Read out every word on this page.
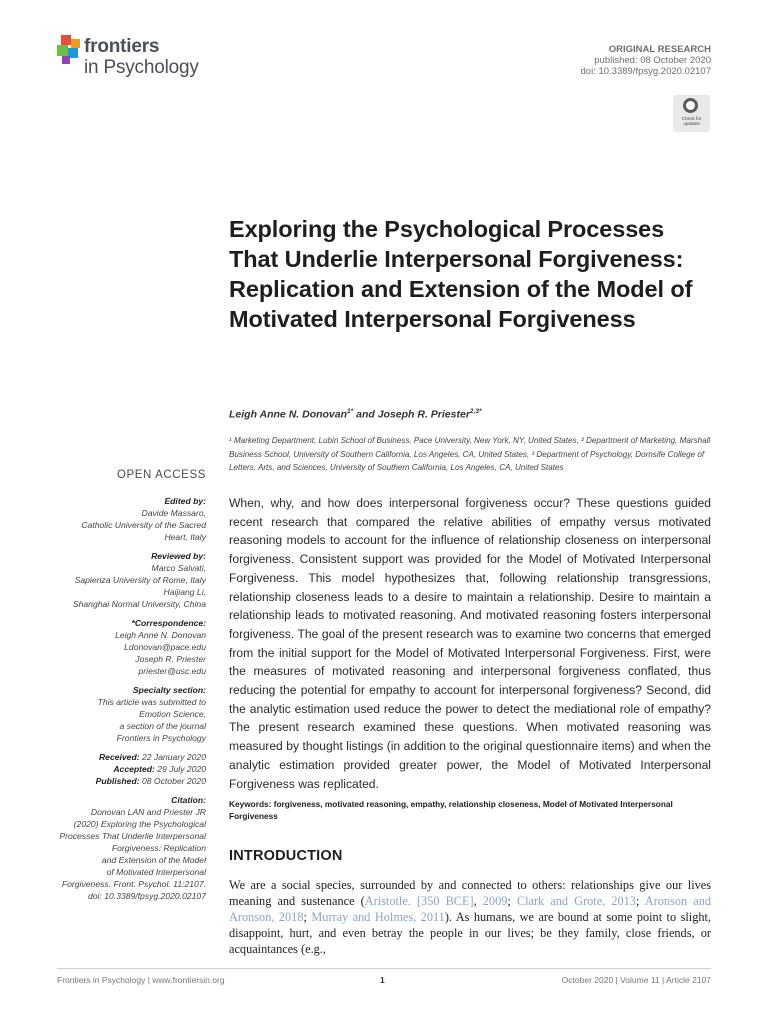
frontiers
in Psychology
ORIGINAL RESEARCH
published: 08 October 2020
doi: 10.3389/fpsyg.2020.02107
Check for updates
Exploring the Psychological Processes That Underlie Interpersonal Forgiveness: Replication and Extension of the Model of Motivated Interpersonal Forgiveness
Leigh Anne N. Donovan$^{1*}$ and Joseph R. Priester$^{2,3*}$
¹ Marketing Department, Lubin School of Business, Pace University, New York, NY, United States, ² Department of Marketing, Marshall Business School, University of Southern California, Los Angeles, CA, United States, ³ Department of Psychology, Dornsife College of Letters, Arts, and Sciences, University of Southern California, Los Angeles, CA, United States
OPEN ACCESS
Edited by:
Davide Massaro,
Catholic University of the Sacred
Heart, Italy
Reviewed by:
Marco Salvati,
Sapienza University of Rome, Italy
Haijiang Li,
Shanghai Normal University, China
*Correspondence:
Leigh Anne N. Donovan
Ldonovan@pace.edu
Joseph R. Priester
priester@usc.edu
Specialty section:
This article was submitted to
Emotion Science,
a section of the journal
Frontiers in Psychology
Received: 22 January 2020
Accepted: 29 July 2020
Published: 08 October 2020
Citation:
Donovan LAN and Priester JR
(2020) Exploring the Psychological
Processes That Underlie Interpersonal
Forgiveness: Replication
and Extension of the Model
of Motivated Interpersonal
Forgiveness. Front. Psychol. 11:2107.
doi: 10.3389/fpsyg.2020.02107
When, why, and how does interpersonal forgiveness occur? These questions guided recent research that compared the relative abilities of empathy versus motivated reasoning models to account for the influence of relationship closeness on interpersonal forgiveness. Consistent support was provided for the Model of Motivated Interpersonal Forgiveness. This model hypothesizes that, following relationship transgressions, relationship closeness leads to a desire to maintain a relationship. Desire to maintain a relationship leads to motivated reasoning. And motivated reasoning fosters interpersonal forgiveness. The goal of the present research was to examine two concerns that emerged from the initial support for the Model of Motivated Interpersonal Forgiveness. First, were the measures of motivated reasoning and interpersonal forgiveness conflated, thus reducing the potential for empathy to account for interpersonal forgiveness? Second, did the analytic estimation used reduce the power to detect the mediational role of empathy? The present research examined these questions. When motivated reasoning was measured by thought listings (in addition to the original questionnaire items) and when the analytic estimation provided greater power, the Model of Motivated Interpersonal Forgiveness was replicated.
Keywords: forgiveness, motivated reasoning, empathy, relationship closeness, Model of Motivated Interpersonal Forgiveness
INTRODUCTION
We are a social species, surrounded by and connected to others: relationships give our lives meaning and sustenance (Aristotle. [350 BCE], 2009; Clark and Grote, 2013; Aronson and Aronson, 2018; Murray and Holmes, 2011). As humans, we are bound at some point to slight, disappoint, hurt, and even betray the people in our lives; be they family, close friends, or acquaintances (e.g.,
Frontiers in Psychology | www.frontiersin.org	1	October 2020 | Volume 11 | Article 2107
